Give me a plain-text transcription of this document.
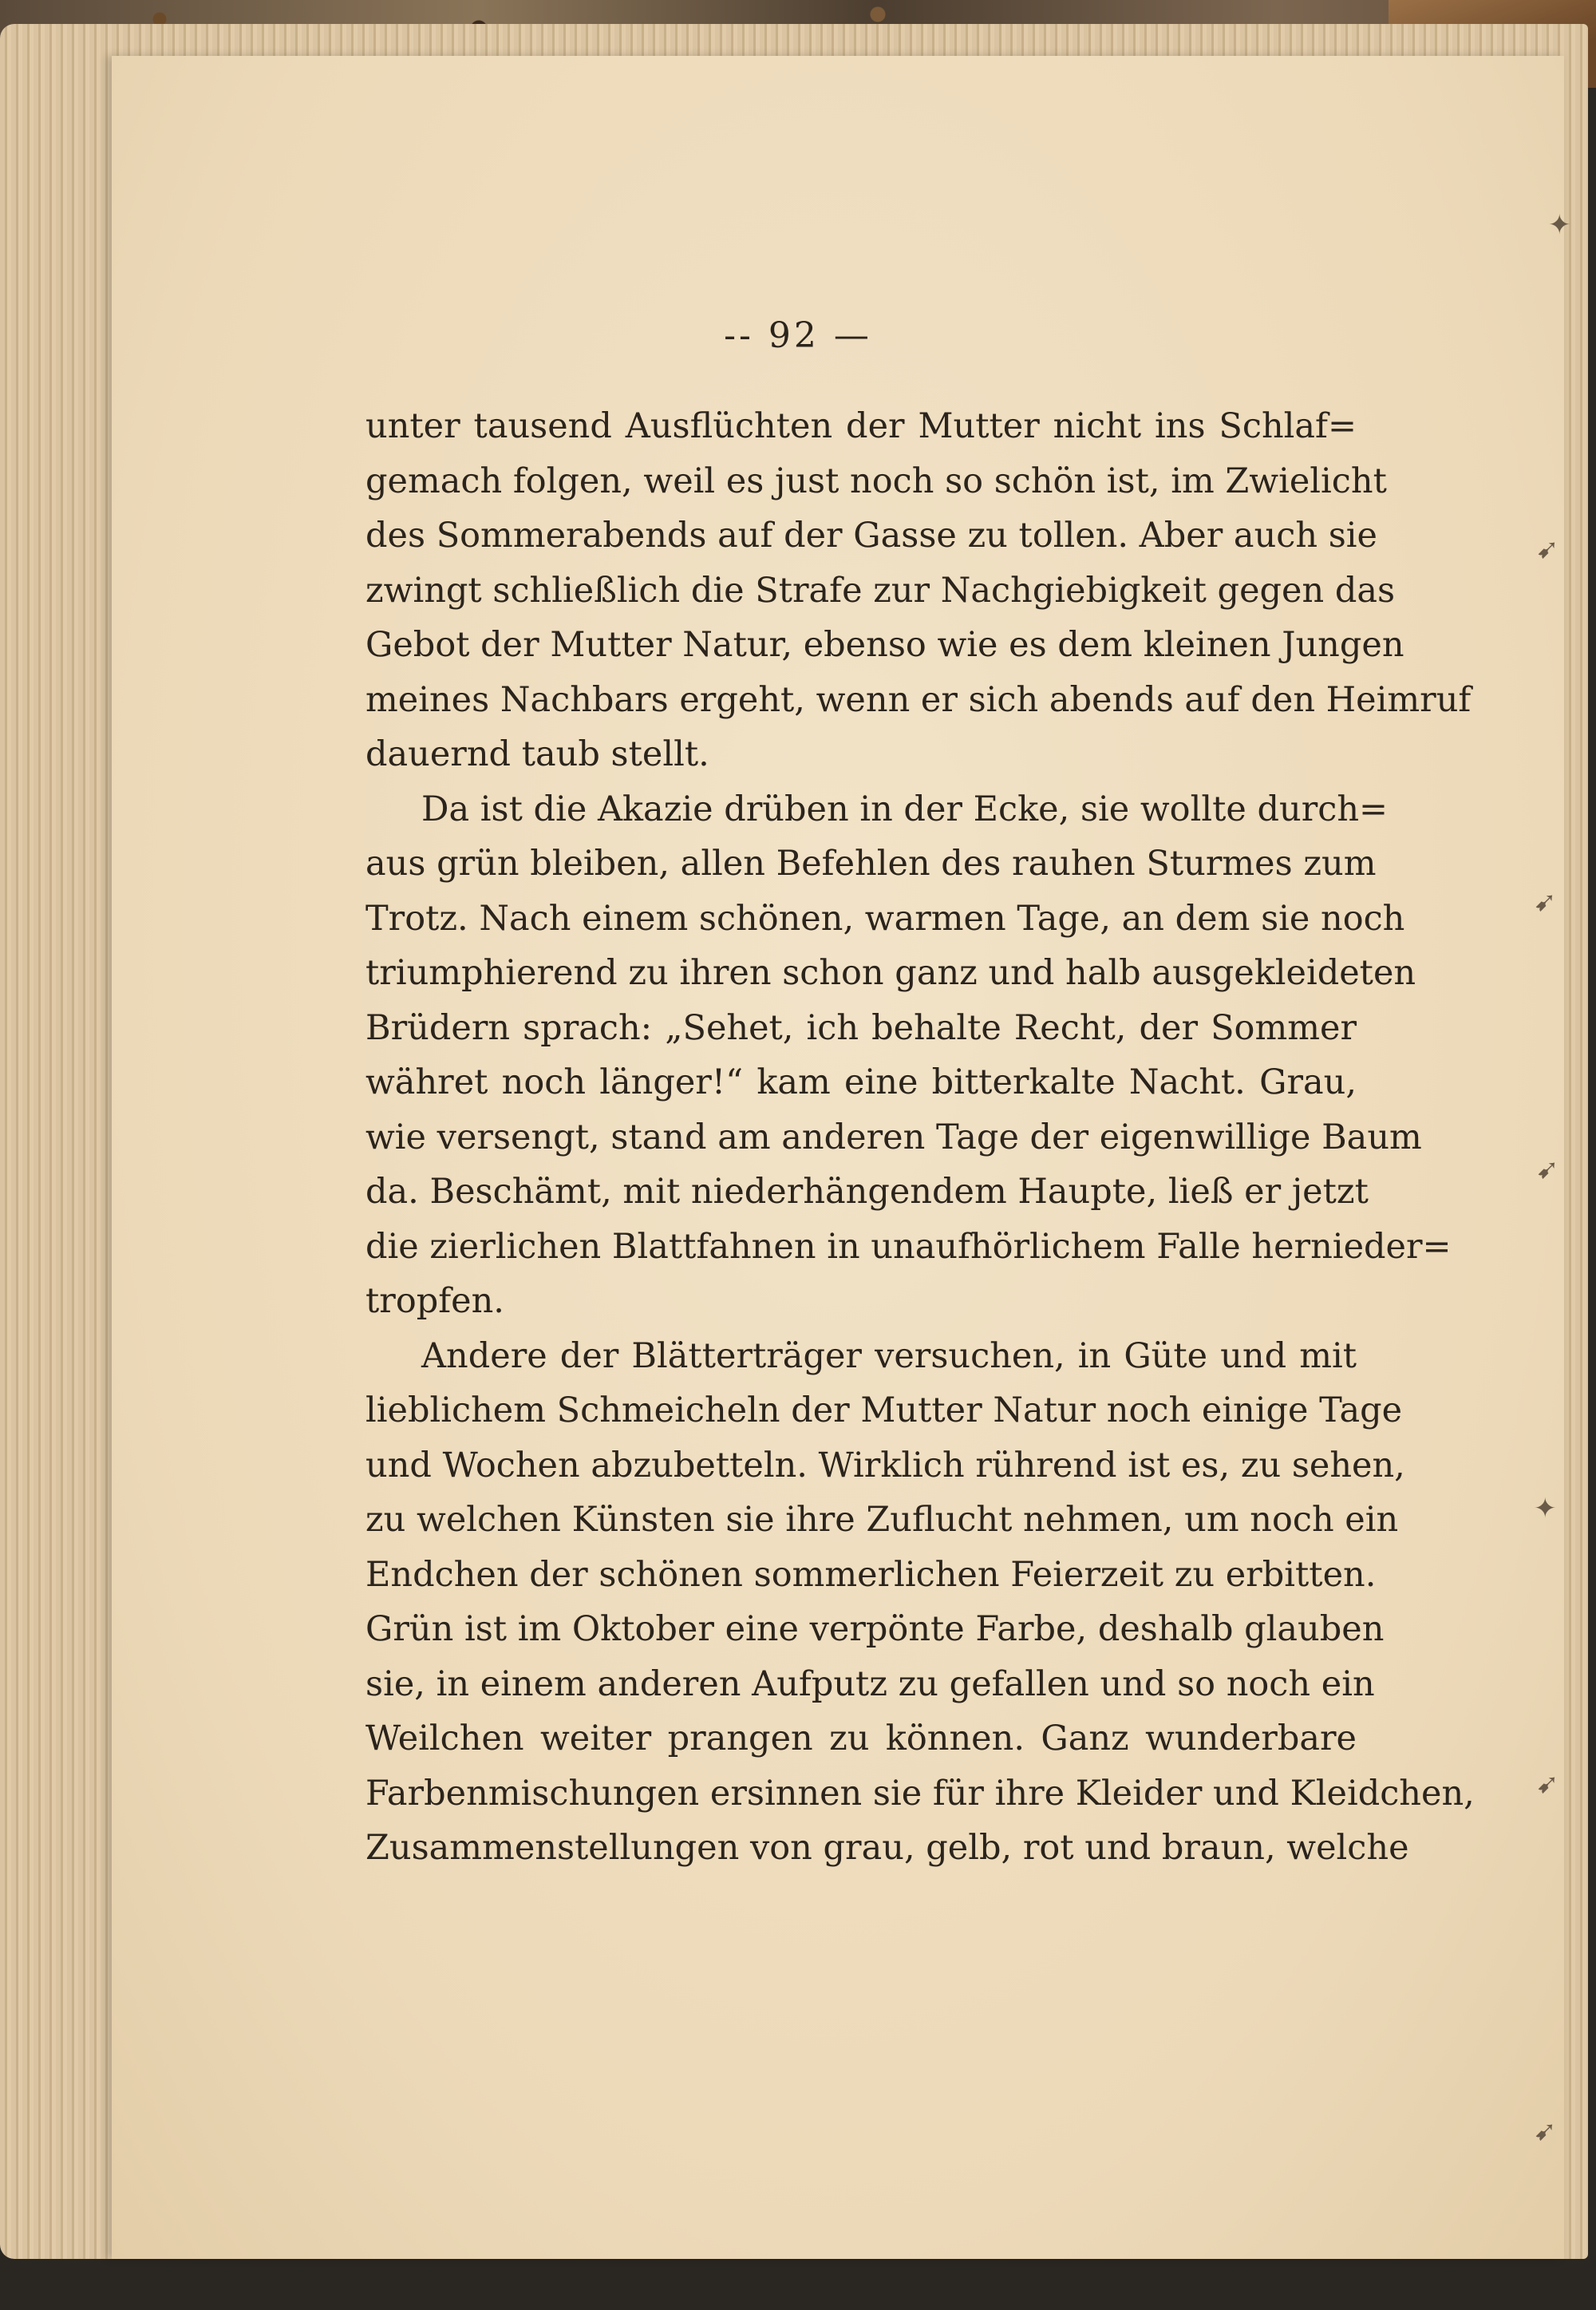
✦
➹
➹
➹
✦
➹
➹
-- 92 —
unter tausend Ausflüchten der Mutter nicht ins Schlaf=
gemach folgen, weil es just noch so schön ist, im Zwielicht
des Sommerabends auf der Gasse zu tollen. Aber auch sie
zwingt schließlich die Strafe zur Nachgiebigkeit gegen das
Gebot der Mutter Natur, ebenso wie es dem kleinen Jungen
meines Nachbars ergeht, wenn er sich abends auf den Heimruf
dauernd taub stellt.
Da ist die Akazie drüben in der Ecke, sie wollte durch=
aus grün bleiben, allen Befehlen des rauhen Sturmes zum
Trotz. Nach einem schönen, warmen Tage, an dem sie noch
triumphierend zu ihren schon ganz und halb ausgekleideten
Brüdern sprach: „Sehet, ich behalte Recht, der Sommer
währet noch länger!“ kam eine bitterkalte Nacht. Grau,
wie versengt, stand am anderen Tage der eigenwillige Baum
da. Beschämt, mit niederhängendem Haupte, ließ er jetzt
die zierlichen Blattfahnen in unaufhörlichem Falle hernieder=
tropfen.
Andere der Blätterträger versuchen, in Güte und mit
lieblichem Schmeicheln der Mutter Natur noch einige Tage
und Wochen abzubetteln. Wirklich rührend ist es, zu sehen,
zu welchen Künsten sie ihre Zuflucht nehmen, um noch ein
Endchen der schönen sommerlichen Feierzeit zu erbitten.
Grün ist im Oktober eine verpönte Farbe, deshalb glauben
sie, in einem anderen Aufputz zu gefallen und so noch ein
Weilchen weiter prangen zu können. Ganz wunderbare
Farbenmischungen ersinnen sie für ihre Kleider und Kleidchen,
Zusammenstellungen von grau, gelb, rot und braun, welche
